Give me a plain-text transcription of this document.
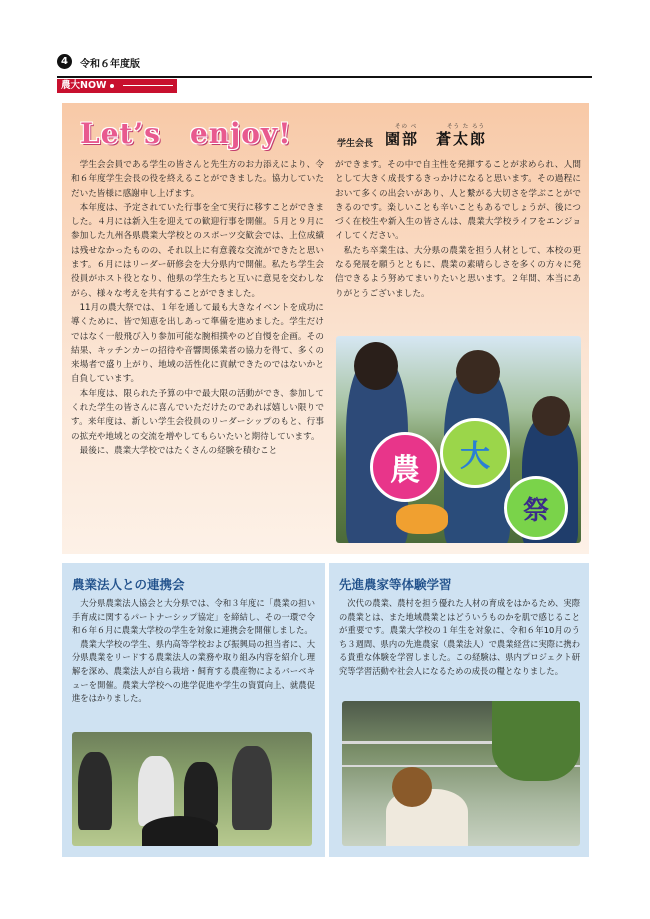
4	令和６年度版
農大NOW
Let’s　enjoy!	学生会長
その べ	そう た ろう
園部　蒼太郎

学生会会員である学生の皆さんと先生方のお力添えにより、令和６年度学生会長の役を終えることができました。協力していただいた皆様に感謝申し上げます。

本年度は、予定されていた行事を全て実行に移すことができました。４月には新入生を迎えての歓迎行事を開催。５月と９月に参加した九州各県農業大学校とのスポーツ交歓会では、上位成績は残せなかったものの、それ以上に有意義な交流ができたと思います。６月にはリーダー研修会を大分県内で開催。私たち学生会役員がホスト役となり、他県の学生たちと互いに意見を交わしながら、様々な考えを共有することができました。

11月の農大祭では、１年を通して最も大きなイベントを成功に導くために、皆で知恵を出しあって準備を進めました。学生だけではなく一般飛び入り参加可能な腕相撲やのど自慢を企画。その結果、キッチンカーの招待や音響関係業者の協力を得て、多くの来場者で盛り上がり、地域の活性化に貢献できたのではないかと自負しています。

本年度は、限られた予算の中で最大限の活動ができ、参加してくれた学生の皆さんに喜んでいただけたのであれば嬉しい限りです。来年度は、新しい学生会役員のリーダーシップのもと、行事の拡充や地域との交流を増やしてもらいたいと期待しています。

最後に、農業大学校ではたくさんの経験を積むこと

ができます。その中で自主性を発揮することが求められ、人間として大きく成長するきっかけになると思います。その過程において多くの出会いがあり、人と繋がる大切さを学ぶことができるのです。楽しいことも辛いこともあるでしょうが、後につづく在校生や新入生の皆さんは、農業大学校ライフをエンジョイしてください。

私たち卒業生は、大分県の農業を担う人材として、本校の更なる発展を願うとともに、農業の素晴らしさを多くの方々に発信できるよう努めてまいりたいと思います。２年間、本当にありがとうございました。

農	大
祭
農業法人との連携会

大分県農業法人協会と大分県では、令和３年度に「農業の担い手育成に関するパートナーシップ協定」を締結し、その一環で令和６年６月に農業大学校の学生を対象に連携会を開催しました。

農業大学校の学生、県内高等学校および振興局の担当者に、大分県農業をリードする農業法人の業務や取り組み内容を紹介し理解を深め、農業法人が自ら栽培・飼育する農産物によるバーベキューを開催。農業大学校への進学促進や学生の資質向上、就農促進をはかりました。

先進農家等体験学習

次代の農業、農村を担う優れた人材の育成をはかるため、実際の農業とは、また地域農業とはどういうものかを肌で感じることが重要です。農業大学校の１年生を対象に、令和６年10月のうち３週間、県内の先進農家（農業法人）で農業経営に実際に携わる貴重な体験を学習しました。この経験は、県内プロジェクト研究等学習活動や社会人になるための成長の糧となりました。
